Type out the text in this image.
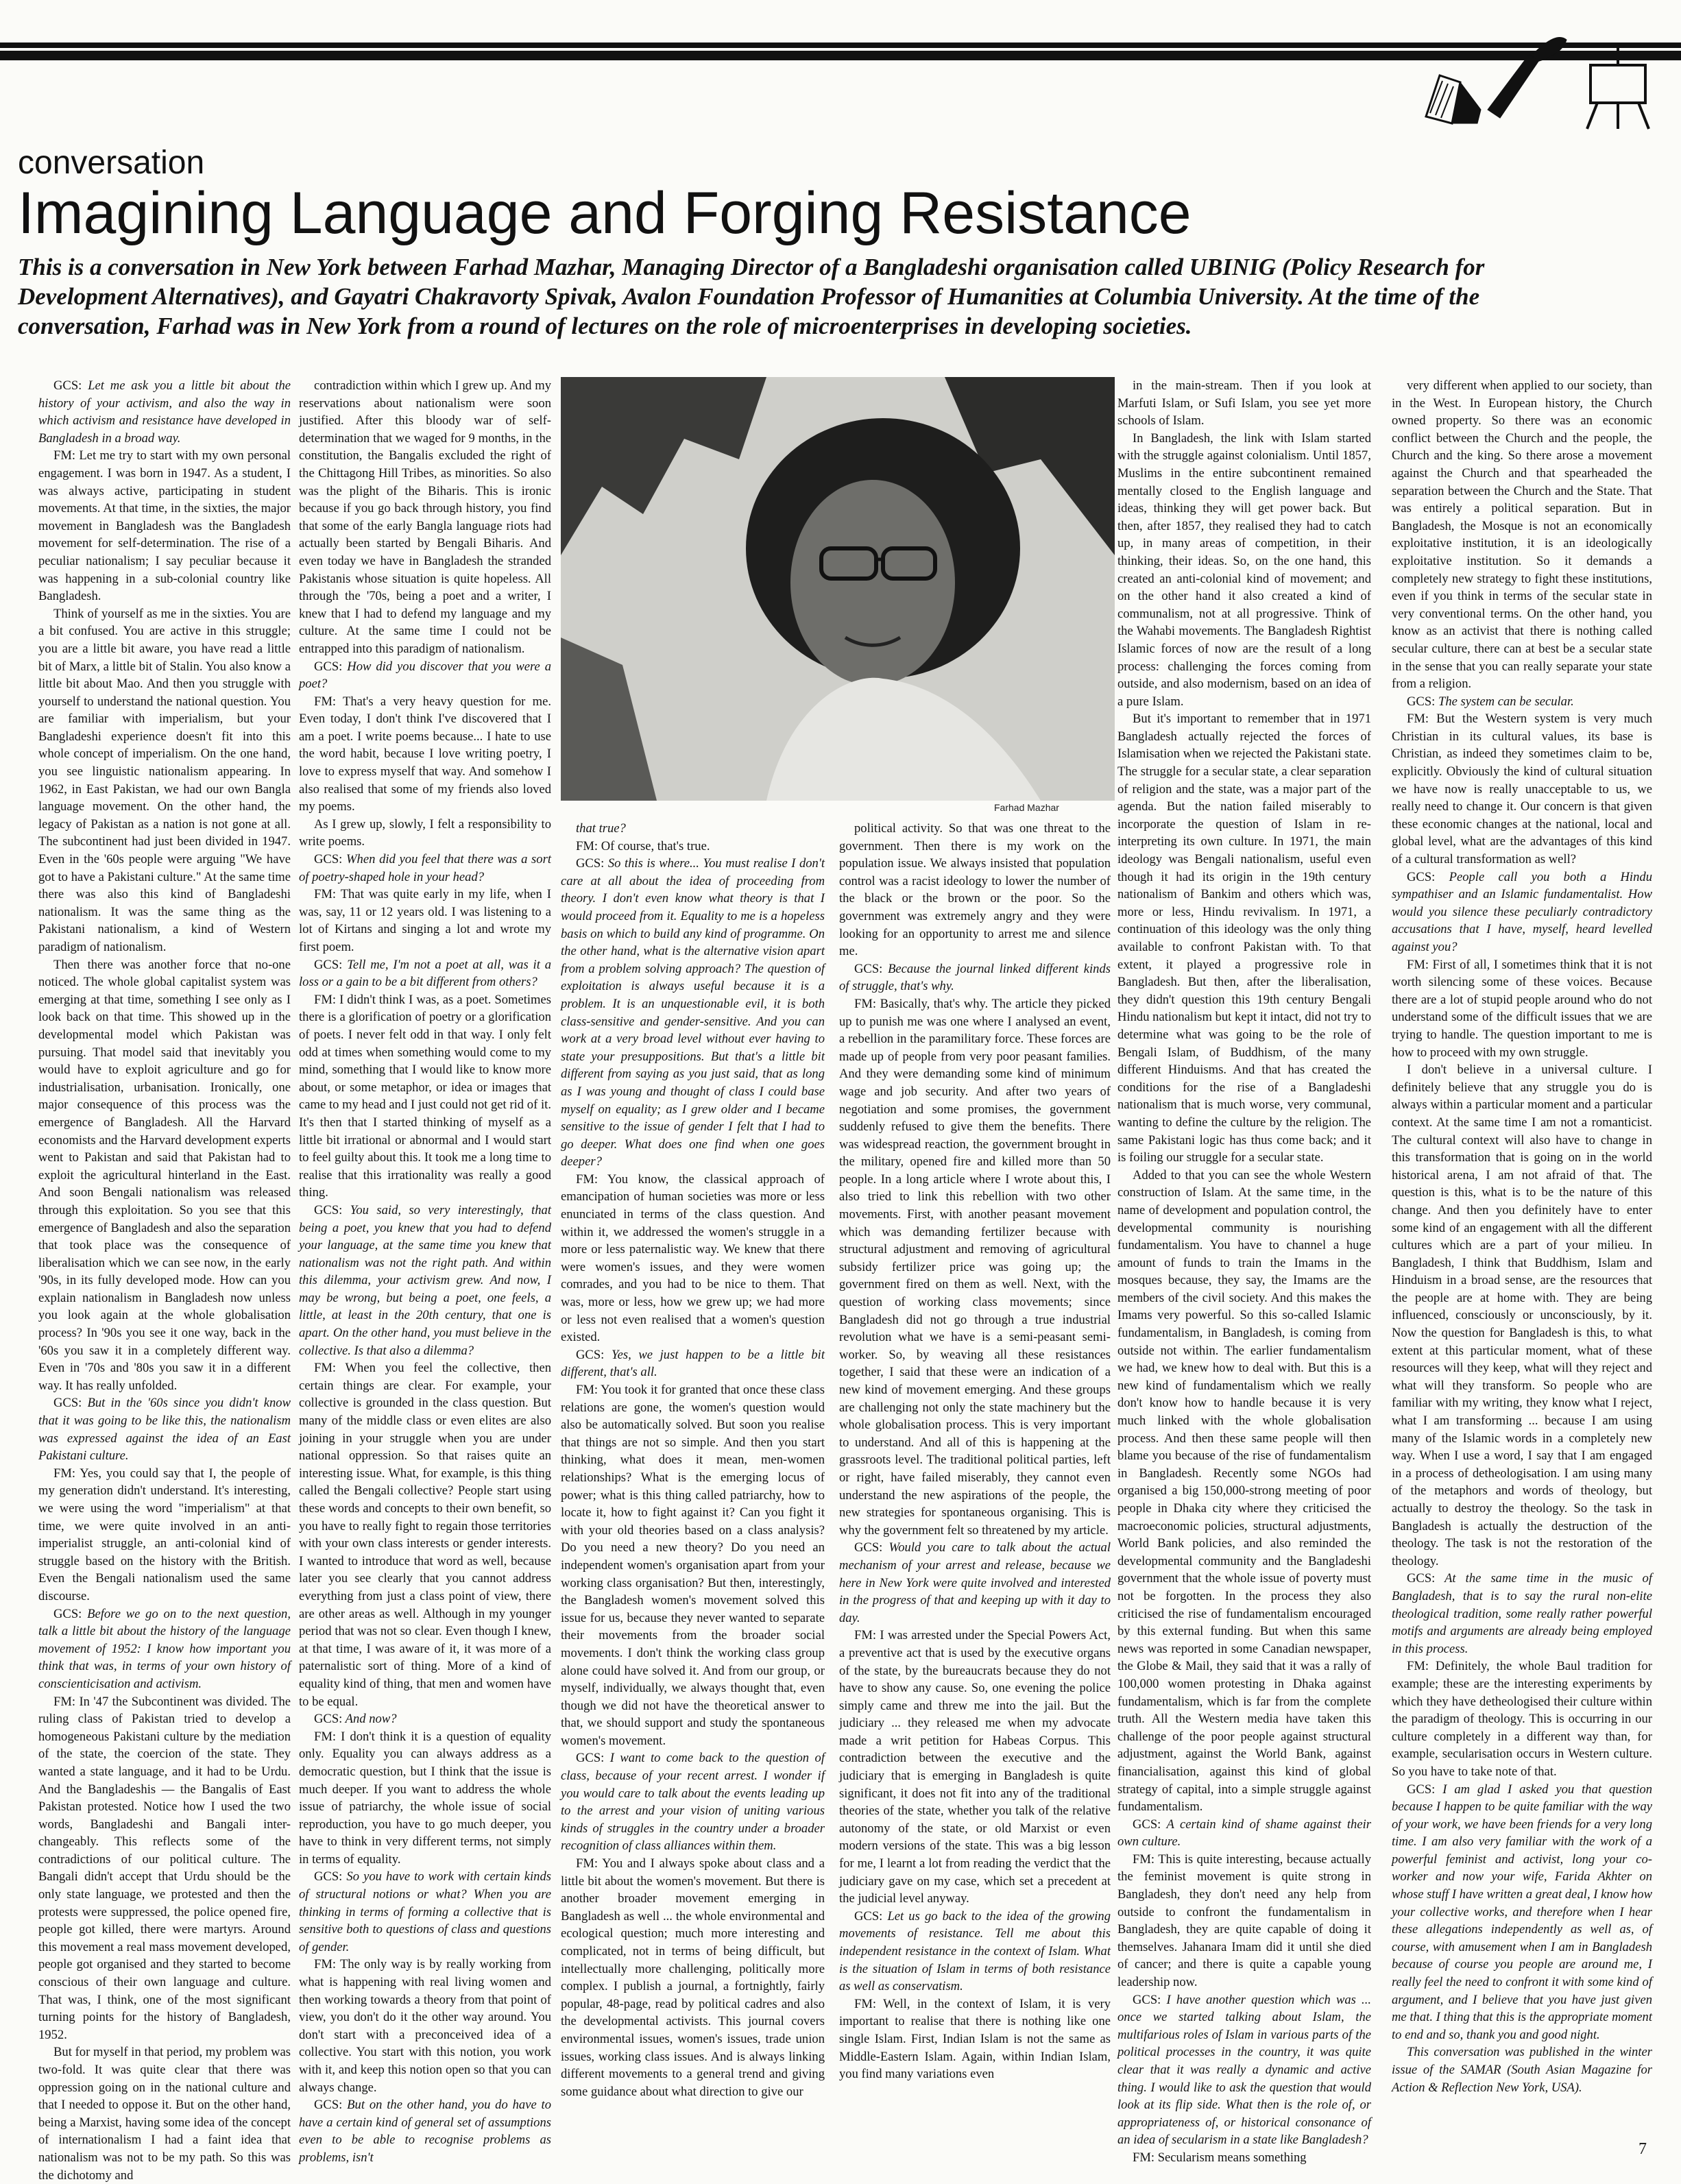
conversation
Imagining Language and Forging Resistance
This is a conversation in New York between Farhad Mazhar, Managing Director of a Bangladeshi organisation called UBINIG (Policy Research for Development Alternatives), and Gayatri Chakravorty Spivak, Avalon Foundation Professor of Humanities at Columbia University. At the time of the conversation, Farhad was in New York from a round of lectures on the role of microenterprises in developing societies.

GCS: Let me ask you a little bit about the history of your activism, and also the way in which activism and resistance have developed in Bangladesh in a broad way.

FM: Let me try to start with my own personal engagement. I was born in 1947. As a student, I was always active, participating in student movements. At that time, in the sixties, the major movement in Bangladesh was the Bangladesh movement for self-determination. The rise of a peculiar nationalism; I say peculiar because it was happening in a sub-colonial country like Bangladesh.

Think of yourself as me in the sixties. You are a bit confused. You are active in this struggle; you are a little bit aware, you have read a little bit of Marx, a little bit of Stalin. You also know a little bit about Mao. And then you struggle with yourself to understand the national question. You are familiar with imperialism, but your Bangladeshi experience doesn't fit into this whole concept of imperialism. On the one hand, you see linguistic nationalism appearing. In 1962, in East Pakistan, we had our own Bangla language movement. On the other hand, the legacy of Pakistan as a nation is not gone at all. The subcontinent had just been divided in 1947. Even in the '60s people were arguing "We have got to have a Pakistani culture." At the same time there was also this kind of Bangladeshi nationalism. It was the same thing as the Pakistani nationalism, a kind of Western paradigm of nationalism.

Then there was another force that no-one noticed. The whole global capitalist system was emerging at that time, something I see only as I look back on that time. This showed up in the developmental model which Pakistan was pursuing. That model said that inevitably you would have to exploit agriculture and go for industrialisation, urbanisation. Ironically, one major consequence of this process was the emergence of Bangladesh. All the Harvard economists and the Harvard development experts went to Pakistan and said that Pakistan had to exploit the agricultural hinterland in the East. And soon Bengali nationalism was released through this exploitation. So you see that this emergence of Bangladesh and also the separation that took place was the consequence of liberalisation which we can see now, in the early '90s, in its fully developed mode. How can you explain nationalism in Bangladesh now unless you look again at the whole globalisation process? In '90s you see it one way, back in the '60s you saw it in a completely different way. Even in '70s and '80s you saw it in a different way. It has really unfolded.

GCS: But in the '60s since you didn't know that it was going to be like this, the nationalism was expressed against the idea of an East Pakistani culture.

FM: Yes, you could say that I, the people of my generation didn't understand. It's interesting, we were using the word "imperialism" at that time, we were quite involved in an anti-imperialist struggle, an anti-colonial kind of struggle based on the history with the British. Even the Bengali nationalism used the same discourse.

GCS: Before we go on to the next question, talk a little bit about the history of the language movement of 1952: I know how important you think that was, in terms of your own history of conscienticisation and activism.

FM: In '47 the Subcontinent was divided. The ruling class of Pakistan tried to develop a homogeneous Pakistani culture by the mediation of the state, the coercion of the state. They wanted a state language, and it had to be Urdu. And the Bangladeshis — the Bangalis of East Pakistan protested. Notice how I used the two words, Bangladeshi and Bangali inter-changeably. This reflects some of the contradictions of our political culture. The Bangali didn't accept that Urdu should be the only state language, we protested and then the protests were suppressed, the police opened fire, people got killed, there were martyrs. Around this movement a real mass movement developed, people got organised and they started to become conscious of their own language and culture. That was, I think, one of the most significant turning points for the history of Bangladesh, 1952.

But for myself in that period, my problem was two-fold. It was quite clear that there was oppression going on in the national culture and that I needed to oppose it. But on the other hand, being a Marxist, having some idea of the concept of internationalism I had a faint idea that nationalism was not to be my path. So this was the dichotomy and

contradiction within which I grew up. And my reservations about nationalism were soon justified. After this bloody war of self-determination that we waged for 9 months, in the constitution, the Bangalis excluded the right of the Chittagong Hill Tribes, as minorities. So also was the plight of the Biharis. This is ironic because if you go back through history, you find that some of the early Bangla language riots had actually been started by Bengali Biharis. And even today we have in Bangladesh the stranded Pakistanis whose situation is quite hopeless. All through the '70s, being a poet and a writer, I knew that I had to defend my language and my culture. At the same time I could not be entrapped into this paradigm of nationalism.

GCS: How did you discover that you were a poet?

FM: That's a very heavy question for me. Even today, I don't think I've discovered that I am a poet. I write poems because... I hate to use the word habit, because I love writing poetry, I love to express myself that way. And somehow I also realised that some of my friends also loved my poems.

As I grew up, slowly, I felt a responsibility to write poems.

GCS: When did you feel that there was a sort of poetry-shaped hole in your head?

FM: That was quite early in my life, when I was, say, 11 or 12 years old. I was listening to a lot of Kirtans and singing a lot and wrote my first poem.

GCS: Tell me, I'm not a poet at all, was it a loss or a gain to be a bit different from others?

FM: I didn't think I was, as a poet. Sometimes there is a glorification of poetry or a glorification of poets. I never felt odd in that way. I only felt odd at times when something would come to my mind, something that I would like to know more about, or some metaphor, or idea or images that came to my head and I just could not get rid of it. It's then that I started thinking of myself as a little bit irrational or abnormal and I would start to feel guilty about this. It took me a long time to realise that this irrationality was really a good thing.

GCS: You said, so very interestingly, that being a poet, you knew that you had to defend your language, at the same time you knew that nationalism was not the right path. And within this dilemma, your activism grew. And now, I may be wrong, but being a poet, one feels, a little, at least in the 20th century, that one is apart. On the other hand, you must believe in the collective. Is that also a dilemma?

FM: When you feel the collective, then certain things are clear. For example, your collective is grounded in the class question. But many of the middle class or even elites are also joining in your struggle when you are under national oppression. So that raises quite an interesting issue. What, for example, is this thing called the Bengali collective? People start using these words and concepts to their own benefit, so you have to really fight to regain those territories with your own class interests or gender interests. I wanted to introduce that word as well, because later you see clearly that you cannot address everything from just a class point of view, there are other areas as well. Although in my younger period that was not so clear. Even though I knew, at that time, I was aware of it, it was more of a paternalistic sort of thing. More of a kind of equality kind of thing, that men and women have to be equal.

GCS: And now?

FM: I don't think it is a question of equality only. Equality you can always address as a democratic question, but I think that the issue is much deeper. If you want to address the whole issue of patriarchy, the whole issue of social reproduction, you have to go much deeper, you have to think in very different terms, not simply in terms of equality.

GCS: So you have to work with certain kinds of structural notions or what? When you are thinking in terms of forming a collective that is sensitive both to questions of class and questions of gender.

FM: The only way is by really working from what is happening with real living women and then working towards a theory from that point of view, you don't do it the other way around. You don't start with a preconceived idea of a collective. You start with this notion, you work with it, and keep this notion open so that you can always change.

GCS: But on the other hand, you do have to have a certain kind of general set of assumptions even to be able to recognise problems as problems, isn't

that true?

FM: Of course, that's true.

GCS: So this is where... You must realise I don't care at all about the idea of proceeding from theory. I don't even know what theory is that I would proceed from it. Equality to me is a hopeless basis on which to build any kind of programme. On the other hand, what is the alternative vision apart from a problem solving approach? The question of exploitation is always useful because it is a problem. It is an unquestionable evil, it is both class-sensitive and gender-sensitive. And you can work at a very broad level without ever having to state your presuppositions. But that's a little bit different from saying as you just said, that as long as I was young and thought of class I could base myself on equality; as I grew older and I became sensitive to the issue of gender I felt that I had to go deeper. What does one find when one goes deeper?

FM: You know, the classical approach of emancipation of human societies was more or less enunciated in terms of the class question. And within it, we addressed the women's struggle in a more or less paternalistic way. We knew that there were women's issues, and they were women comrades, and you had to be nice to them. That was, more or less, how we grew up; we had more or less not even realised that a women's question existed.

GCS: Yes, we just happen to be a little bit different, that's all.

FM: You took it for granted that once these class relations are gone, the women's question would also be automatically solved. But soon you realise that things are not so simple. And then you start thinking, what does it mean, men-women relationships? What is the emerging locus of power; what is this thing called patriarchy, how to locate it, how to fight against it? Can you fight it with your old theories based on a class analysis? Do you need a new theory? Do you need an independent women's organisation apart from your working class organisation? But then, interestingly, the Bangladesh women's movement solved this issue for us, because they never wanted to separate their movements from the broader social movements. I don't think the working class group alone could have solved it. And from our group, or myself, individually, we always thought that, even though we did not have the theoretical answer to that, we should support and study the spontaneous women's movement.

GCS: I want to come back to the question of class, because of your recent arrest. I wonder if you would care to talk about the events leading up to the arrest and your vision of uniting various kinds of struggles in the country under a broader recognition of class alliances within them.

FM: You and I always spoke about class and a little bit about the women's movement. But there is another broader movement emerging in Bangladesh as well ... the whole environmental and ecological question; much more interesting and complicated, not in terms of being difficult, but intellectually more challenging, politically more complex. I publish a journal, a fortnightly, fairly popular, 48-page, read by political cadres and also the developmental activists. This journal covers environmental issues, women's issues, trade union issues, working class issues. And is always linking different movements to a general trend and giving some guidance about what direction to give our

political activity. So that was one threat to the government. Then there is my work on the population issue. We always insisted that population control was a racist ideology to lower the number of the black or the brown or the poor. So the government was extremely angry and they were looking for an opportunity to arrest me and silence me.

GCS: Because the journal linked different kinds of struggle, that's why.

FM: Basically, that's why. The article they picked up to punish me was one where I analysed an event, a rebellion in the paramilitary force. These forces are made up of people from very poor peasant families. And they were demanding some kind of minimum wage and job security. And after two years of negotiation and some promises, the government suddenly refused to give them the benefits. There was widespread reaction, the government brought in the military, opened fire and killed more than 50 people. In a long article where I wrote about this, I also tried to link this rebellion with two other movements. First, with another peasant movement which was demanding fertilizer because with structural adjustment and removing of agricultural subsidy fertilizer price was going up; the government fired on them as well. Next, with the question of working class movements; since Bangladesh did not go through a true industrial revolution what we have is a semi-peasant semi-worker. So, by weaving all these resistances together, I said that these were an indication of a new kind of movement emerging. And these groups are challenging not only the state machinery but the whole globalisation process. This is very important to understand. And all of this is happening at the grassroots level. The traditional political parties, left or right, have failed miserably, they cannot even understand the new aspirations of the people, the new strategies for spontaneous organising. This is why the government felt so threatened by my article.

GCS: Would you care to talk about the actual mechanism of your arrest and release, because we here in New York were quite involved and interested in the progress of that and keeping up with it day to day.

FM: I was arrested under the Special Powers Act, a preventive act that is used by the executive organs of the state, by the bureaucrats because they do not have to show any cause. So, one evening the police simply came and threw me into the jail. But the judiciary ... they released me when my advocate made a writ petition for Habeas Corpus. This contradiction between the executive and the judiciary that is emerging in Bangladesh is quite significant, it does not fit into any of the traditional theories of the state, whether you talk of the relative autonomy of the state, or old Marxist or even modern versions of the state. This was a big lesson for me, I learnt a lot from reading the verdict that the judiciary gave on my case, which set a precedent at the judicial level anyway.

GCS: Let us go back to the idea of the growing movements of resistance. Tell me about this independent resistance in the context of Islam. What is the situation of Islam in terms of both resistance as well as conservatism.

FM: Well, in the context of Islam, it is very important to realise that there is nothing like one single Islam. First, Indian Islam is not the same as Middle-Eastern Islam. Again, within Indian Islam, you find many variations even

in the main-stream. Then if you look at Marfuti Islam, or Sufi Islam, you see yet more schools of Islam.

In Bangladesh, the link with Islam started with the struggle against colonialism. Until 1857, Muslims in the entire subcontinent remained mentally closed to the English language and ideas, thinking they will get power back. But then, after 1857, they realised they had to catch up, in many areas of competition, in their thinking, their ideas. So, on the one hand, this created an anti-colonial kind of movement; and on the other hand it also created a kind of communalism, not at all progressive. Think of the Wahabi movements. The Bangladesh Rightist Islamic forces of now are the result of a long process: challenging the forces coming from outside, and also modernism, based on an idea of a pure Islam.

But it's important to remember that in 1971 Bangladesh actually rejected the forces of Islamisation when we rejected the Pakistani state. The struggle for a secular state, a clear separation of religion and the state, was a major part of the agenda. But the nation failed miserably to incorporate the question of Islam in re-interpreting its own culture. In 1971, the main ideology was Bengali nationalism, useful even though it had its origin in the 19th century nationalism of Bankim and others which was, more or less, Hindu revivalism. In 1971, a continuation of this ideology was the only thing available to confront Pakistan with. To that extent, it played a progressive role in Bangladesh. But then, after the liberalisation, they didn't question this 19th century Bengali Hindu nationalism but kept it intact, did not try to determine what was going to be the role of Bengali Islam, of Buddhism, of the many different Hinduisms. And that has created the conditions for the rise of a Bangladeshi nationalism that is much worse, very communal, wanting to define the culture by the religion. The same Pakistani logic has thus come back; and it is foiling our struggle for a secular state.

Added to that you can see the whole Western construction of Islam. At the same time, in the name of development and population control, the developmental community is nourishing fundamentalism. You have to channel a huge amount of funds to train the Imams in the mosques because, they say, the Imams are the members of the civil society. And this makes the Imams very powerful. So this so-called Islamic fundamentalism, in Bangladesh, is coming from outside not within. The earlier fundamentalism we had, we knew how to deal with. But this is a new kind of fundamentalism which we really don't know how to handle because it is very much linked with the whole globalisation process. And then these same people will then blame you because of the rise of fundamentalism in Bangladesh. Recently some NGOs had organised a big 150,000-strong meeting of poor people in Dhaka city where they criticised the macroeconomic policies, structural adjustments, World Bank policies, and also reminded the developmental community and the Bangladeshi government that the whole issue of poverty must not be forgotten. In the process they also criticised the rise of fundamentalism encouraged by this external funding. But when this same news was reported in some Canadian newspaper, the Globe & Mail, they said that it was a rally of 100,000 women protesting in Dhaka against fundamentalism, which is far from the complete truth. All the Western media have taken this challenge of the poor people against structural adjustment, against the World Bank, against financialisation, against this kind of global strategy of capital, into a simple struggle against fundamentalism.

GCS: A certain kind of shame against their own culture.

FM: This is quite interesting, because actually the feminist movement is quite strong in Bangladesh, they don't need any help from outside to confront the fundamentalism in Bangladesh, they are quite capable of doing it themselves. Jahanara Imam did it until she died of cancer; and there is quite a capable young leadership now.

GCS: I have another question which was ... once we started talking about Islam, the multifarious roles of Islam in various parts of the political processes in the country, it was quite clear that it was really a dynamic and active thing. I would like to ask the question that would look at its flip side. What then is the role of, or appropriateness of, or historical consonance of an idea of secularism in a state like Bangladesh?

FM: Secularism means something

very different when applied to our society, than in the West. In European history, the Church owned property. So there was an economic conflict between the Church and the people, the Church and the king. So there arose a movement against the Church and that spearheaded the separation between the Church and the State. That was entirely a political separation. But in Bangladesh, the Mosque is not an economically exploitative institution, it is an ideologically exploitative institution. So it demands a completely new strategy to fight these institutions, even if you think in terms of the secular state in very conventional terms. On the other hand, you know as an activist that there is nothing called secular culture, there can at best be a secular state in the sense that you can really separate your state from a religion.

GCS: The system can be secular.

FM: But the Western system is very much Christian in its cultural values, its base is Christian, as indeed they sometimes claim to be, explicitly. Obviously the kind of cultural situation we have now is really unacceptable to us, we really need to change it. Our concern is that given these economic changes at the national, local and global level, what are the advantages of this kind of a cultural transformation as well?

GCS: People call you both a Hindu sympathiser and an Islamic fundamentalist. How would you silence these peculiarly contradictory accusations that I have, myself, heard levelled against you?

FM: First of all, I sometimes think that it is not worth silencing some of these voices. Because there are a lot of stupid people around who do not understand some of the difficult issues that we are trying to handle. The question important to me is how to proceed with my own struggle.

I don't believe in a universal culture. I definitely believe that any struggle you do is always within a particular moment and a particular context. At the same time I am not a romanticist. The cultural context will also have to change in this transformation that is going on in the world historical arena, I am not afraid of that. The question is this, what is to be the nature of this change. And then you definitely have to enter some kind of an engagement with all the different cultures which are a part of your milieu. In Bangladesh, I think that Buddhism, Islam and Hinduism in a broad sense, are the resources that the people are at home with. They are being influenced, consciously or unconsciously, by it. Now the question for Bangladesh is this, to what extent at this particular moment, what of these resources will they keep, what will they reject and what will they transform. So people who are familiar with my writing, they know what I reject, what I am transforming ... because I am using many of the Islamic words in a completely new way. When I use a word, I say that I am engaged in a process of detheologisation. I am using many of the metaphors and words of theology, but actually to destroy the theology. So the task in Bangladesh is actually the destruction of the theology. The task is not the restoration of the theology.

GCS: At the same time in the music of Bangladesh, that is to say the rural non-elite theological tradition, some really rather powerful motifs and arguments are already being employed in this process.

FM: Definitely, the whole Baul tradition for example; these are the interesting experiments by which they have detheologised their culture within the paradigm of theology. This is occurring in our culture completely in a different way than, for example, secularisation occurs in Western culture. So you have to take note of that.

GCS: I am glad I asked you that question because I happen to be quite familiar with the way of your work, we have been friends for a very long time. I am also very familiar with the work of a powerful feminist and activist, long your co-worker and now your wife, Farida Akhter on whose stuff I have written a great deal, I know how your collective works, and therefore when I hear these allegations independently as well as, of course, with amusement when I am in Bangladesh because of course you people are around me, I really feel the need to confront it with some kind of argument, and I believe that you have just given me that. I thing that this is the appropriate moment to end and so, thank you and good night.

This conversation was published in the winter issue of the SAMAR (South Asian Magazine for Action & Reflection New York, USA).

Farhad Mazhar
7
